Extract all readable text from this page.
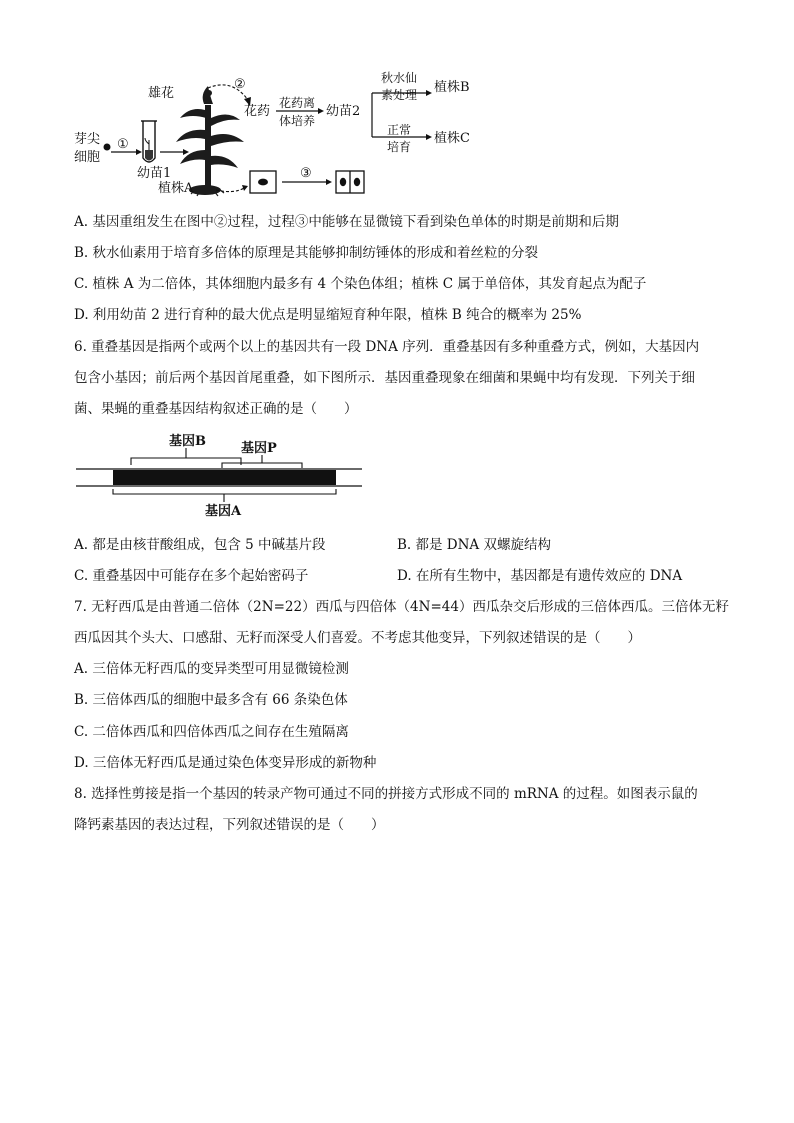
芽尖
细胞
①
幼苗1
植株A
雄花
②
花药
花药离
体培养
幼苗2
秋水仙
素处理 植株B
正常
培育
植株C
③
A. 基因重组发生在图中②过程，过程③中能够在显微镜下看到染色单体的时期是前期和后期
B. 秋水仙素用于培育多倍体的原理是其能够抑制纺锤体的形成和着丝粒的分裂
C. 植株 A 为二倍体，其体细胞内最多有 4 个染色体组；植株 C 属于单倍体，其发育起点为配子
D. 利用幼苗 2 进行育种的最大优点是明显缩短育种年限，植株 B 纯合的概率为 25%
6. 重叠基因是指两个或两个以上的基因共有一段 DNA 序列．重叠基因有多种重叠方式，例如，大基因内
包含小基因；前后两个基因首尾重叠，如下图所示．基因重叠现象在细菌和果蝇中均有发现．下列关于细
菌、果蝇的重叠基因结构叙述正确的是（　　）
基因B	基因P
基因A
A. 都是由核苷酸组成，包含 5 中碱基片段	B. 都是 DNA 双螺旋结构
C. 重叠基因中可能存在多个起始密码子	D. 在所有生物中，基因都是有遗传效应的 DNA
7. 无籽西瓜是由普通二倍体（2N=22）西瓜与四倍体（4N=44）西瓜杂交后形成的三倍体西瓜。三倍体无籽
西瓜因其个头大、口感甜、无籽而深受人们喜爱。不考虑其他变异，下列叙述错误的是（　　）
A. 三倍体无籽西瓜的变异类型可用显微镜检测
B. 三倍体西瓜的细胞中最多含有 66 条染色体
C. 二倍体西瓜和四倍体西瓜之间存在生殖隔离
D. 三倍体无籽西瓜是通过染色体变异形成的新物种
8. 选择性剪接是指一个基因的转录产物可通过不同的拼接方式形成不同的 mRNA 的过程。如图表示鼠的
降钙素基因的表达过程，下列叙述错误的是（　　）
